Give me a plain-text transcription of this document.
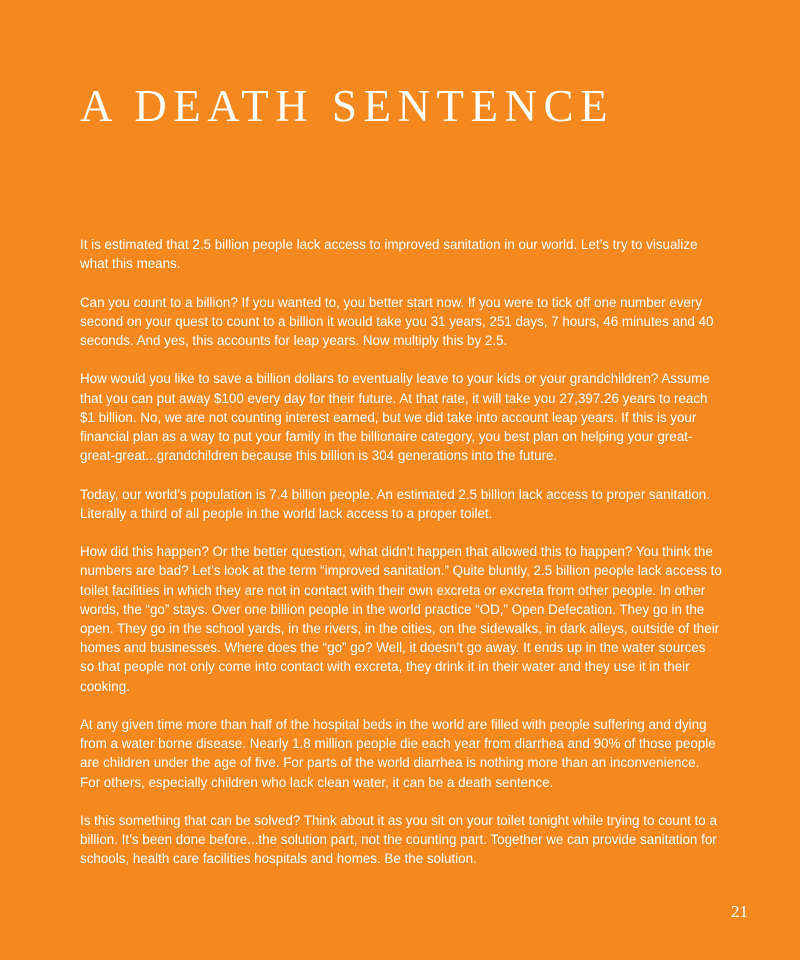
A DEATH SENTENCE

It is estimated that 2.5 billion people lack access to improved sanitation in our world. Let’s try to visualize what this means.

Can you count to a billion? If you wanted to, you better start now. If you were to tick off one number every second on your quest to count to a billion it would take you 31 years, 251 days, 7 hours, 46 minutes and 40 seconds. And yes, this accounts for leap years. Now multiply this by 2.5.

How would you like to save a billion dollars to eventually leave to your kids or your grandchildren? Assume that you can put away $100 every day for their future. At that rate, it will take you 27,397.26 years to reach $1 billion. No, we are not counting interest earned, but we did take into account leap years. If this is your financial plan as a way to put your family in the billionaire category, you best plan on helping your great-great-great...grandchildren because this billion is 304 generations into the future.

Today, our world’s population is 7.4 billion people. An estimated 2.5 billion lack access to proper sanitation. Literally a third of all people in the world lack access to a proper toilet.

How did this happen? Or the better question, what didn’t happen that allowed this to happen? You think the numbers are bad? Let’s look at the term “improved sanitation.” Quite bluntly, 2.5 billion people lack access to toilet facilities in which they are not in contact with their own excreta or excreta from other people. In other words, the “go” stays. Over one billion people in the world practice “OD,” Open Defecation. They go in the open. They go in the school yards, in the rivers, in the cities, on the sidewalks, in dark alleys, outside of their homes and businesses. Where does the “go” go? Well, it doesn’t go away. It ends up in the water sources so that people not only come into contact with excreta, they drink it in their water and they use it in their cooking.

At any given time more than half of the hospital beds in the world are filled with people suffering and dying from a water borne disease. Nearly 1.8 million people die each year from diarrhea and 90% of those people are children under the age of five. For parts of the world diarrhea is nothing more than an inconvenience. For others, especially children who lack clean water, it can be a death sentence.

Is this something that can be solved? Think about it as you sit on your toilet tonight while trying to count to a billion. It’s been done before...the solution part, not the counting part. Together we can provide sanitation for schools, health care facilities hospitals and homes. Be the solution.

21
